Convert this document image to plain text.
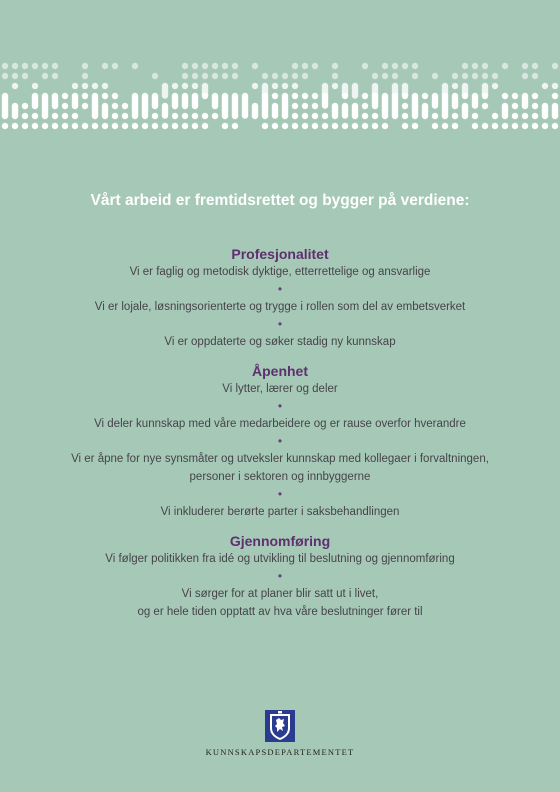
Vårt arbeid er fremtidsrettet og bygger på verdiene:
Profesjonalitet
Vi er faglig og metodisk dyktige, etterrettelige og ansvarlige
•
Vi er lojale, løsningsorienterte og trygge i rollen som del av embetsverket
•
Vi er oppdaterte og søker stadig ny kunnskap
Åpenhet
Vi lytter, lærer og deler
•
Vi deler kunnskap med våre medarbeidere og er rause overfor hverandre
•
Vi er åpne for nye synsmåter og utveksler kunnskap med kollegaer i forvaltningen,
personer i sektoren og innbyggerne
•
Vi inkluderer berørte parter i saksbehandlingen
Gjennomføring
Vi følger politikken fra idé og utvikling til beslutning og gjennomføring
•
Vi sørger for at planer blir satt ut i livet,
og er hele tiden opptatt av hva våre beslutninger fører til
KUNNSKAPSDEPARTEMENTET
